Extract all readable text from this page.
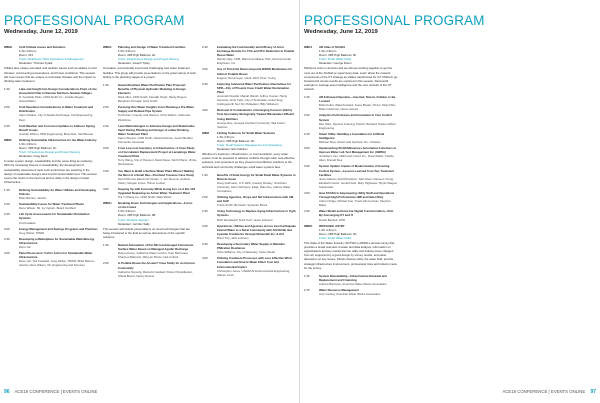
PROFESSIONAL PROGRAM
Wednesday, June 12, 2019
W8DE Cold Climate Issues and Solutions
1:30–4:30 pm
Room: 313
Track: Distribution Plant Operations & Management
Moderator: Thomas Sydell
Utilities face unique extended cold weather issues such as attacks to cold climates, sub-freezing temperatures, and frozen conditions. This session will cover issues that are unique to cold water climates and the impact on drinking water treatment.
1:30	Lake and Insight Into Design Considerations Point-of-Use Household Filter in Remote Northern Alaskan Villages
D. Kowalski-Hicks, CDM Smith Inc.; Janelle Rogers, Ocean/Water
2:00	Cold Operation Considerations in Water Treatment and Distribution
Aaron Dolans, City of Alaska Anchorage; Civil Engineering Dept.
2:30	Cold Weather and Corrosion Updates to Address Spring Runoff Issues
Jennifer Wilson, HDR Engineering; Brian Dan, Stell Brewer
W8DF Defining Sustainable Infrastructure for the Water Industry
1:30–4:30 pm
Room: 3FB High Ballroom 2C
Track: Infrastructure Design and Project Delivery
Moderator: Greg Sand
In water system design, sustainability and the same thing as resiliency. With the increasing interest in sustainability, the development of sustainability assessment tools such as Envision are assisting in the design of sustainable designs and environmental attainment. This session covers the metric to the best tool and its utility in the design of water infrastructure.
1:30	Defining Sustainability for Water Utilities and Developing Policies
Brian Barnes, Jacobs
2:00	Sustainability Issues for Water Treatment Plants
Dene Wilson, ISI; Ivy Ingram, Board Certified
2:30	Life Cycle Assessments for Sustainable Distribution Systems
Ted Kowalski
3:00	Energy Management and Savings Programs and Practices
Greg Weber, TRWD
3:30	Developing a Marketplace for Sustainable Water/Energy Infrastructure
Dene Gin
4:00	Panel Discussion: Call to Action for Sustainable Water Infrastructure
Dene Gin; Ted Kowalski; Greg Weber, TRWD; Brian Barnes, Jacobs; Dene Wilson, ISI, Engineering and Services
W8DG Planning and Design of Water Treatment Facilities
1:30–4:30 pm
Room: 3FB High Ballroom 3A
Track: Infrastructure Design and Project Delivery
Moderator: Joseph Tipley
Innovative, economically sound and challenging new water treatment facilities. This group will provide presentations on the great variety of work finding in the planning stages of a project.
1:30	Hazard Resilient Water Purification Plan Proposal: Benefits of Physical Hydraulic Modeling to Design Elements
Mark Allen, CDM Smith; Kamaljit Singh; Hardy Rogers, Benjamin Portugal; Scott Smith
2:00	Pursuing One Water Insights From Planning a Pre-Water Supply and Related Pipe System
Ted Kaner; Greenly and Hansen; Chris Walton, Carbonite Workforce
2:30	Lean Methodologies to Enhance Design and Stakeholder Input During Planning and Design of a New Drinking Water Treatment Plant
Aaron Wooyer, CDM Smith; Daniel Pelmore, Austin Beckler, Fremantle Camerata
3:00	From Low-cost Inventory to Infrastructure: A Case Study on Flocculation Replacement Project at Lampkings Water Treatment Plant
Terry Wang, City of Houston; David Mose, North Plains; Vinnie Montanasse
3:30	You Want to Build a Surface Water Plant Where? Making the Most of a Small Site—Poorland Treasure Case Study
Scott Wimmel, Electronic Druids; J. Jett Stevens, Andrew Kelley; Morgan Jones, Hulme Ludzen
4:00	Keeping Up with Economy While Going Eco on A Bio 123 Upgraded Replacing an Active Water Treatment Plant
Hui Yi Zhang Liu, CDM Smith; Mark Wilzer
W8DH Breaking Down Technologies and Applications—Focus on the Future
1:30–4:30 pm
Room: 3FB High Ballroom 3B
Track: Products Session
Moderator: Jennifer Sally
This session will include presentations on novel technologies that are being introduced to the field as well as discussions of the specific solutions.
1:30	Natural Attenuation of Per-Microsubmerged Ammonium Surface Water Based on Managed Aquifer Recharge
Robert Kemp, California Water Control; Cam Bell Israel; Shannon Babcock, Ming-an Plume; Neil Cottrell
2:00	Is Potable Reuse the Answer? Case Study for an Arizona Community
Catherine Ngroshy, Ramond Caldwell; Robert Shuddleston; Sheila Brown; Nancy Dancer
2:30	Evaluating the Functionality and Efficacy of Actor Exchange Results for TOC and PFC Reduction in Potable Reuse Water
Wendy Daly, CDM; Mahmoud Alliqua; Pam, Environmental Engineers, Inc.
3:00	Use of Thin-Film Nanocomposite RWSO Membranes for Indirect Potable Reuse
Eugene Hornsmeyer, Glenn Wolf; Hiren Young
3:30	Exploring Advanced Water Purification Alternatives for SPR—City of Phoenix Case Credit Water Reclamation Plant
Jeremiah Dowdle; Mariah Wandt; Jeffrey Cosner, Hardy Kennedy; Andy Kelly; City of Scottsdale; Anita Hoag; Collingsworth Suz; Ry Pulkadwer; Billy Wilkinson
4:00	Removal of Contaminants of Emerging Concern (CECs) from Secondary Biologically Treated Wastewater Effluent Using Biofilters
George Roe, Georgia Southern University; Wal Fulton; Veltman
W8DI	Finding Solutions for Small Water Systems
1:30–4:30 pm
Room: 3FB High Ballroom 3C
Track: Small Systems Management and Operations
Moderator: Eric Faithner
Whether it's treatment, infrastructure, or communication, every water system must be prepared to address conflicts through solid, cost-effective solutions. Join presenters as they present cost-effective solutions to the technical and community challenges small water systems face.
1:30	Benefits of Solar Energy for Small Rural Water Systems in Remote Areas
Doug Feldmann, U.S. EPA; Cassidy Rowley; Grantham University; Aaron McIntyre; Katja; Dale Dey, Carbon Water Innovations
2:00	Utilizing Agencies, Drops and Net Infrastructure with AM and GAP
Travis Smith, Bernards; Sylvester Brock
2:30	Using Technology to Replace Aging Infrastructure in Tight Systems
Brett Woodward; Tetra Tech; Jesse Johnson
3:00	Operations, Utilities and Agencies across Fast Earthquake Extend Water to a Rural Community with AN Rehab and Cyanide Treatments through Nehemiah Inc. & Kid
Brent Tiny, Jack Johnson
3:30	Developing a Secondary Water Supply to Maintain Pfiltration Resilience
Chris Williams, City of Wellesley; Karen Wead
4:00	Utilizing Treatment Processes with Less Effective Wind Foundation and Source Water Effect Cost and Environmental Impact
Christopher Jones, USDA/US Environmental Engineering; Warren Cook
96 ACE19 CONFERENCE | EVENTS ONLINE
PROFESSIONAL PROGRAM
Wednesday, June 12, 2019
W8DJ AR Atlas of SCADA
1:30–4:30 pm
Room: 3FB High Ballroom 3F
Track: Smart Water Utility
Moderator: George Filson
Platforms come in all sizes and we will see working together to get the most out of the SCADA or supervisory data. Learn about the network components of the OT strategy as utilities transformed for IoT. Platform go-forward and remote results are explored in this session. Real-world example to manage asset intelligence and the core network of the OT network.
1:30	AR Enhanced Operator—Inverted, Stored, Cellular, to Be Located
Brian Kellar, WaterForward; Jesse Bryant, NCLA; Nicky Pike; Brian Carbonne, Nexus Accord
2:00	Analytics Performance and Innovation in Your Control System
Bert Harp, Spencer Framing; Patrick Hubbard; Dapter Gilbert Engineering
2:30	Smart Utility: Building a Foundation for Artificial Intelligence
Michael Stan; Annwn and Gerhard, No. of Nature
3:00	Implementing SCADA/Business Automation Functions to Improve Water Lab Test Management Inc (AWWA)
Jonathan Liner; Nikhil and Cortez Inc.; Drew Walsh; Charlie Allen; Donald Kies
3:30	System Update: Impact of Modernization of Existing Control System—Lessons Learned from Two Treatment Facilities
Jesus Alarcon; Ed Richardson; Jatin Dave; Dameon Young; Elizabeth Carter; Gerard Ariel; Mary Hightower; Bryan Wagner Sokolowski
4:00	How SCADA Is Empowering Utility Staff and Operations Through High Performance HMI and Data Utility
Arturo Hodge; Michael Kuo; Travis Zimmerman; Stephan Baker
4:30	Water Model and How Far Digital Transformation—Part-By-Converging OT and IT
Dustin Beckett, GHD
W8DK WOTEOER, ASTRY
1:30–4:30 pm
Room: 3FB High Ballroom 3G
Track: Smart Water Utility
This State of the Water Industry (SOTWI) is AWWA's annual survey that provides a broad overview of water and data analysis, information on organizations and key results that the utility and industry have changed from all, supported by a good design by survey results, and panel discussion on key issues. Panels discuss utility, the water field, and the strategic infrastructure improvement, professional roles and industry news for the survey.
1:30	System Renewability—Infrastructure Renewal and Replacement and Financing
Andrew Barrones, American Water Works Association
2:15	Water Resource Management
Amy Gerling, American Water Works Association
ACE19 CONFERENCE | EVENTS ONLINE 97
